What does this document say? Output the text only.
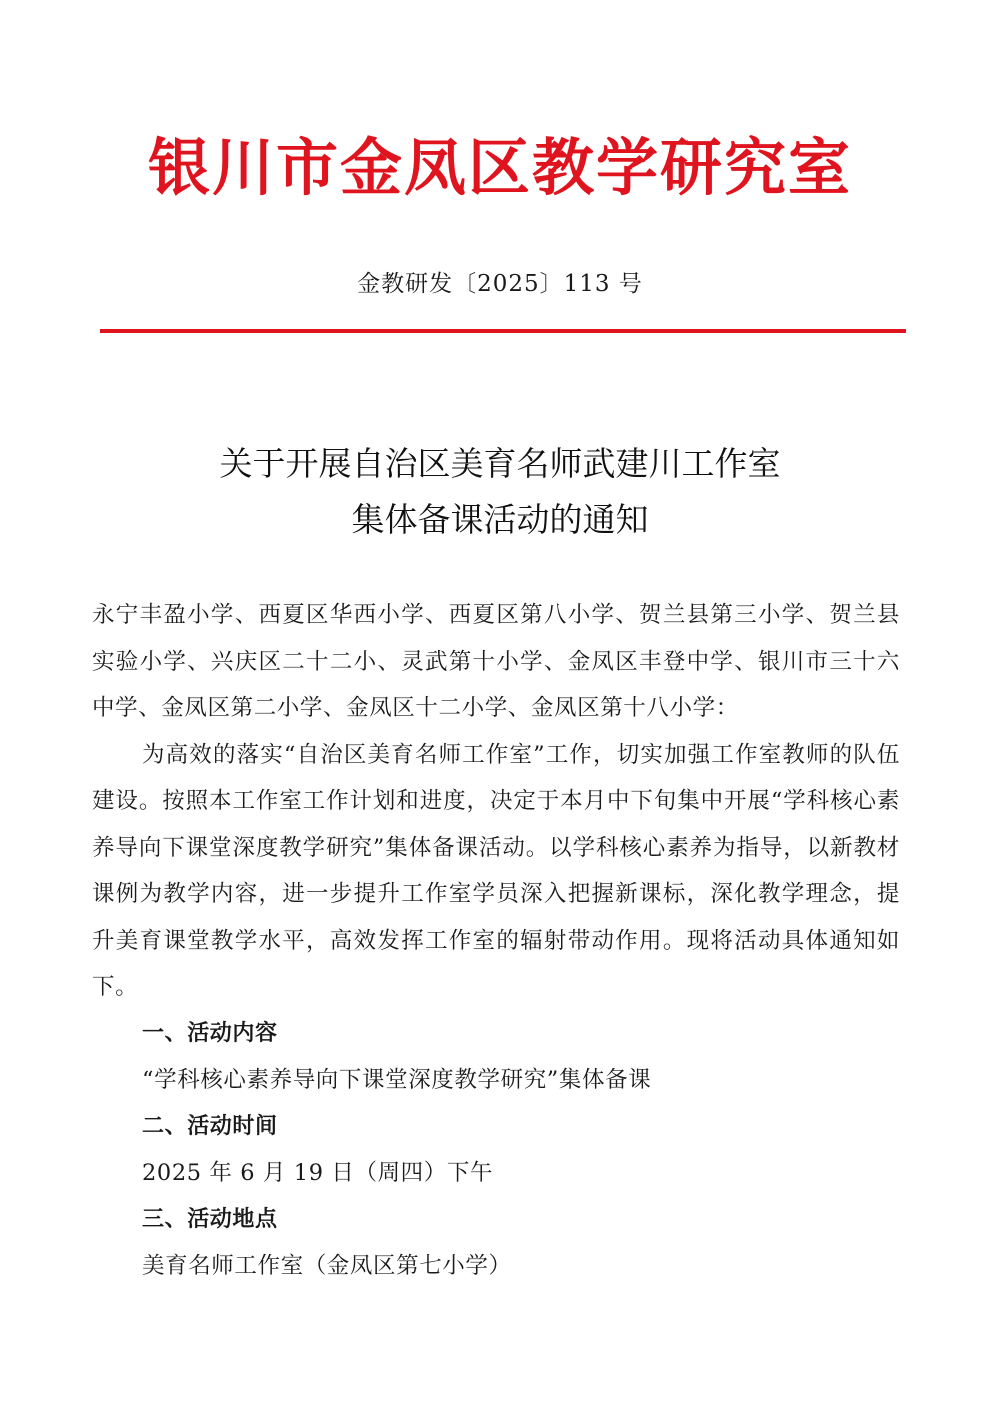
银川市金凤区教学研究室
金教研发〔2025〕113 号
关于开展自治区美育名师武建川工作室
集体备课活动的通知

永宁丰盈小学、西夏区华西小学、西夏区第八小学、贺兰县第三小学、贺兰县实验小学、兴庆区二十二小、灵武第十小学、金凤区丰登中学、银川市三十六中学、金凤区第二小学、金凤区十二小学、金凤区第十八小学：

为高效的落实“自治区美育名师工作室”工作，切实加强工作室教师的队伍建设。按照本工作室工作计划和进度，决定于本月中下旬集中开展“学科核心素养导向下课堂深度教学研究”集体备课活动。以学科核心素养为指导，以新教材课例为教学内容，进一步提升工作室学员深入把握新课标，深化教学理念，提升美育课堂教学水平，高效发挥工作室的辐射带动作用。现将活动具体通知如下。

一、活动内容

“学科核心素养导向下课堂深度教学研究”集体备课

二、活动时间

2025 年 6 月 19 日（周四）下午

三、活动地点

美育名师工作室（金凤区第七小学）
